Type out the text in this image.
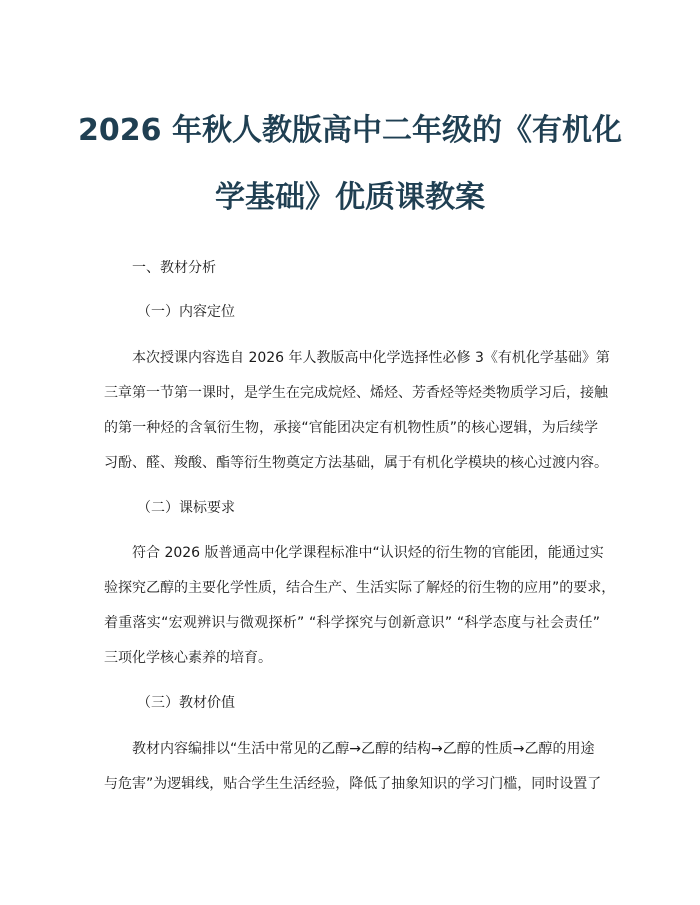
2026 年秋人教版高中二年级的《有机化
学基础》优质课教案
一、教材分析
（一）内容定位
本次授课内容选自 2026 年人教版高中化学选择性必修 3《有机化学基础》第
三章第一节第一课时，是学生在完成烷烃、烯烃、芳香烃等烃类物质学习后，接触
的第一种烃的含氧衍生物，承接“官能团决定有机物性质”的核心逻辑，为后续学
习酚、醛、羧酸、酯等衍生物奠定方法基础，属于有机化学模块的核心过渡内容。
（二）课标要求
符合 2026 版普通高中化学课程标准中“认识烃的衍生物的官能团，能通过实
验探究乙醇的主要化学性质，结合生产、生活实际了解烃的衍生物的应用”的要求，
着重落实“宏观辨识与微观探析” “科学探究与创新意识” “科学态度与社会责任”
三项化学核心素养的培育。
（三）教材价值
教材内容编排以“生活中常见的乙醇→乙醇的结构→乙醇的性质→乙醇的用途
与危害”为逻辑线，贴合学生生活经验，降低了抽象知识的学习门槛，同时设置了
